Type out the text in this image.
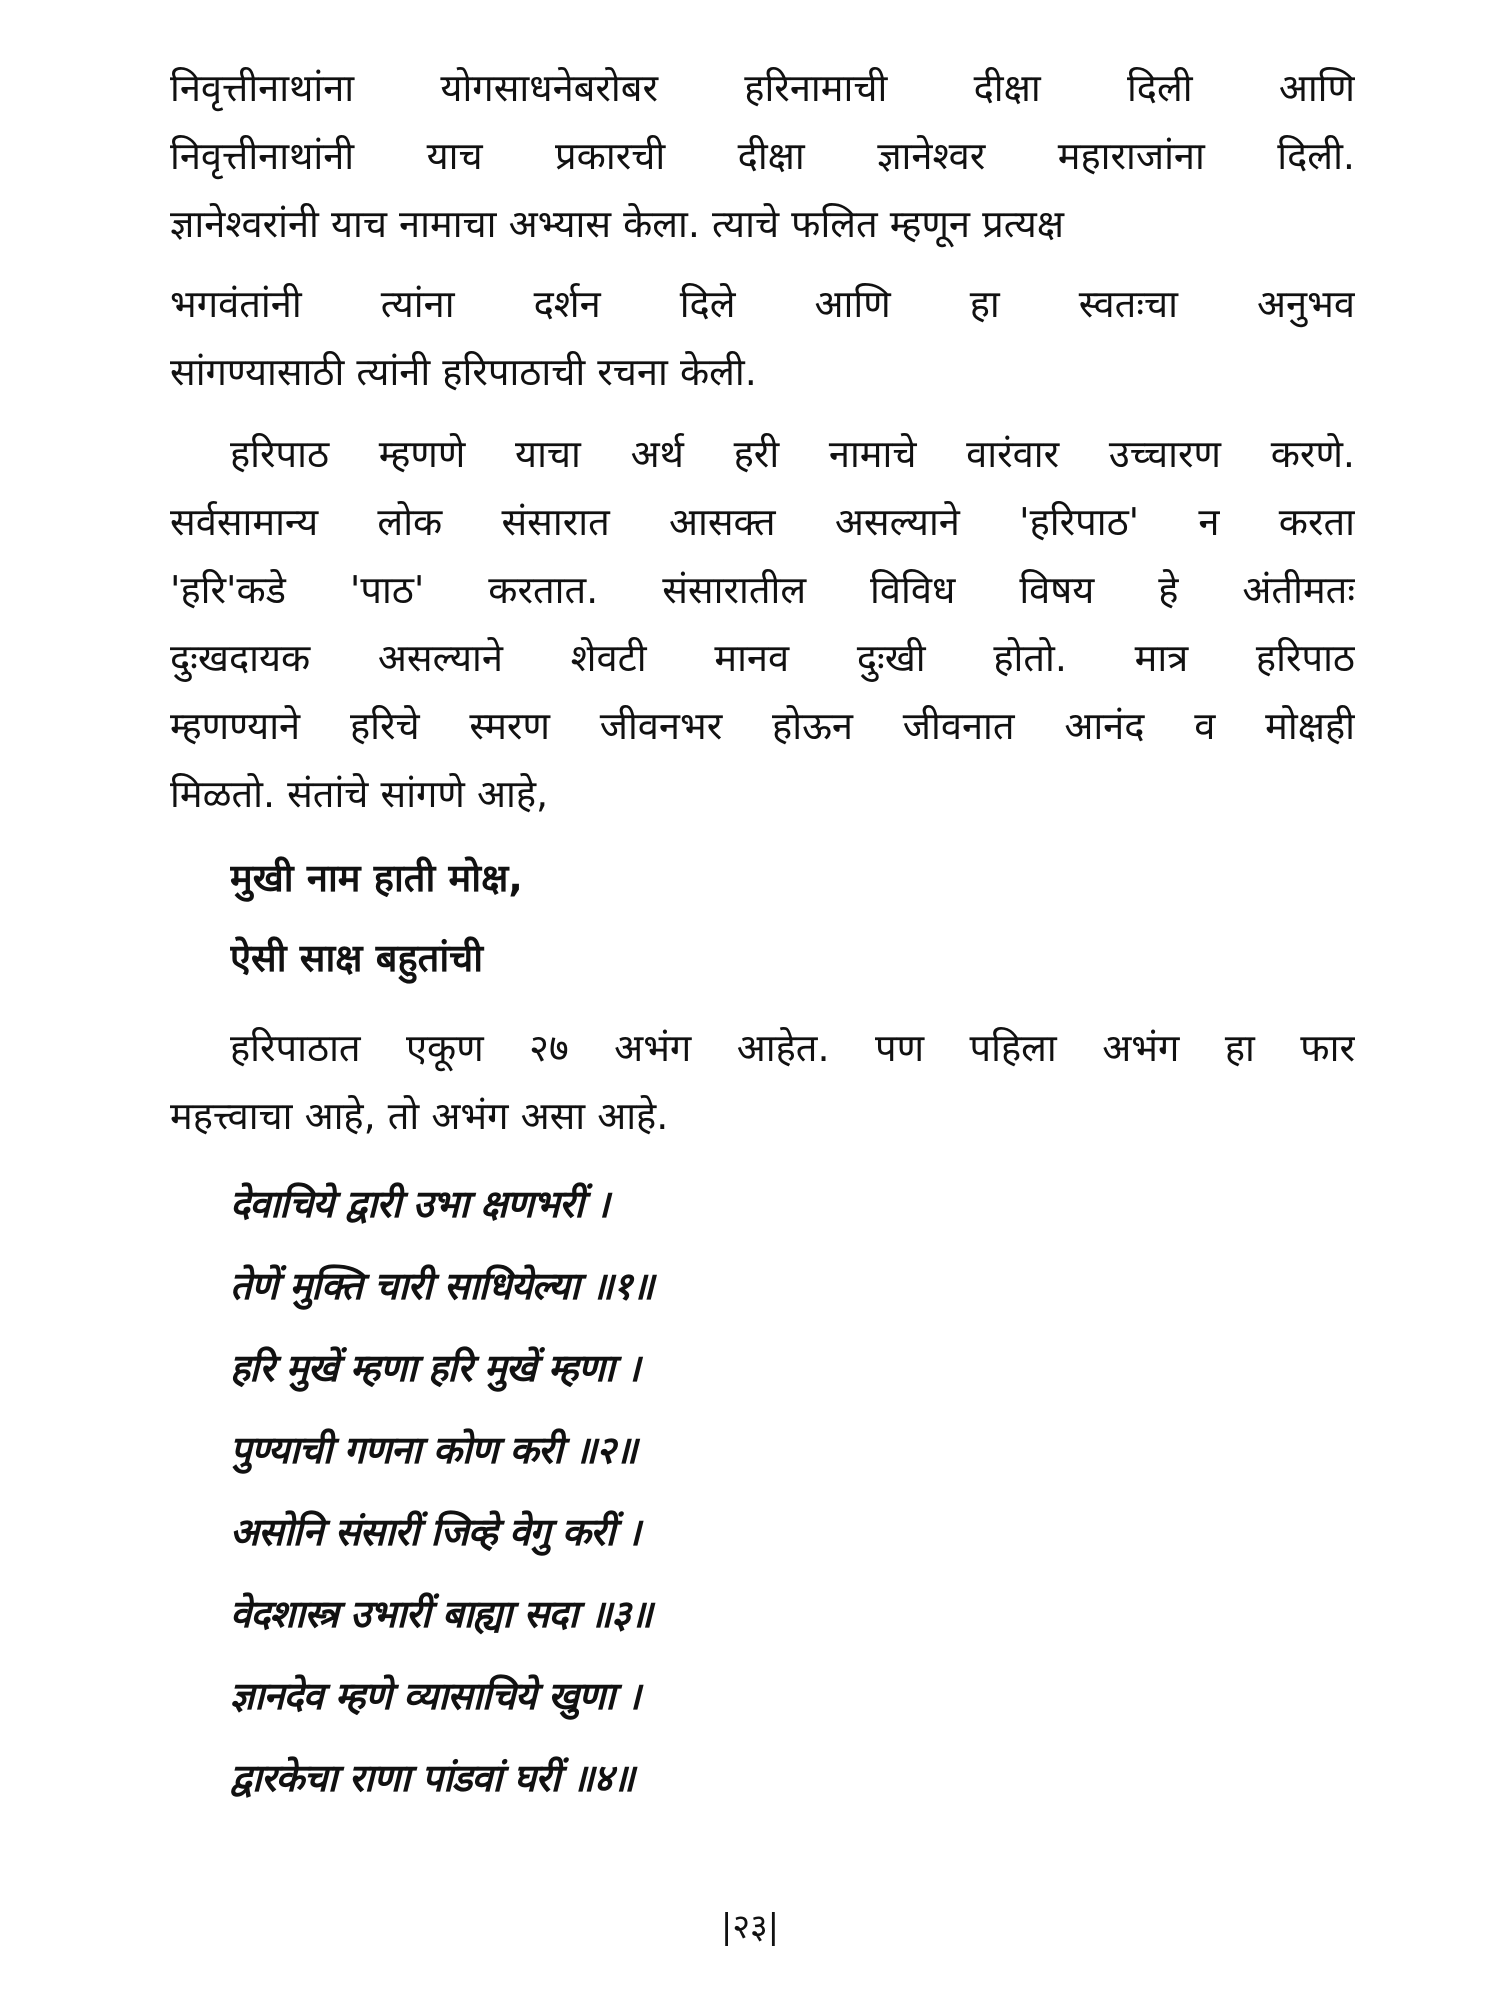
निवृत्तीनाथांना योगसाधनेबरोबर हरिनामाची दीक्षा दिली आणि
निवृत्तीनाथांनी याच प्रकारची दीक्षा ज्ञानेश्वर महाराजांना दिली.
ज्ञानेश्वरांनी याच नामाचा अभ्यास केला. त्याचे फलित म्हणून प्रत्यक्ष
भगवंतांनी त्यांना दर्शन दिले आणि हा स्वतःचा अनुभव
सांगण्यासाठी त्यांनी हरिपाठाची रचना केली.
हरिपाठ म्हणणे याचा अर्थ हरी नामाचे वारंवार उच्चारण करणे.
सर्वसामान्य लोक संसारात आसक्त असल्याने 'हरिपाठ' न करता
'हरि'कडे 'पाठ' करतात. संसारातील विविध विषय हे अंतीमतः
दुःखदायक असल्याने शेवटी मानव दुःखी होतो. मात्र हरिपाठ
म्हणण्याने हरिचे स्मरण जीवनभर होऊन जीवनात आनंद व मोक्षही
मिळतो. संतांचे सांगणे आहे,
मुखी नाम हाती मोक्ष,
ऐसी साक्ष बहुतांची
हरिपाठात एकूण २७ अभंग आहेत. पण पहिला अभंग हा फार
महत्त्वाचा आहे, तो अभंग असा आहे.
देवाचिये द्वारी उभा क्षणभरीं ।
तेणें मुक्ति चारी साधियेल्या ॥१॥
हरि मुखें म्हणा हरि मुखें म्हणा ।
पुण्याची गणना कोण करी ॥२॥
असोनि संसारीं जिव्हे वेगु करीं ।
वेदशास्त्र उभारीं बाह्या सदा ॥३॥
ज्ञानदेव म्हणे व्यासाचिये खुणा ।
द्वारकेचा राणा पांडवां घरीं ॥४॥
|२३|
